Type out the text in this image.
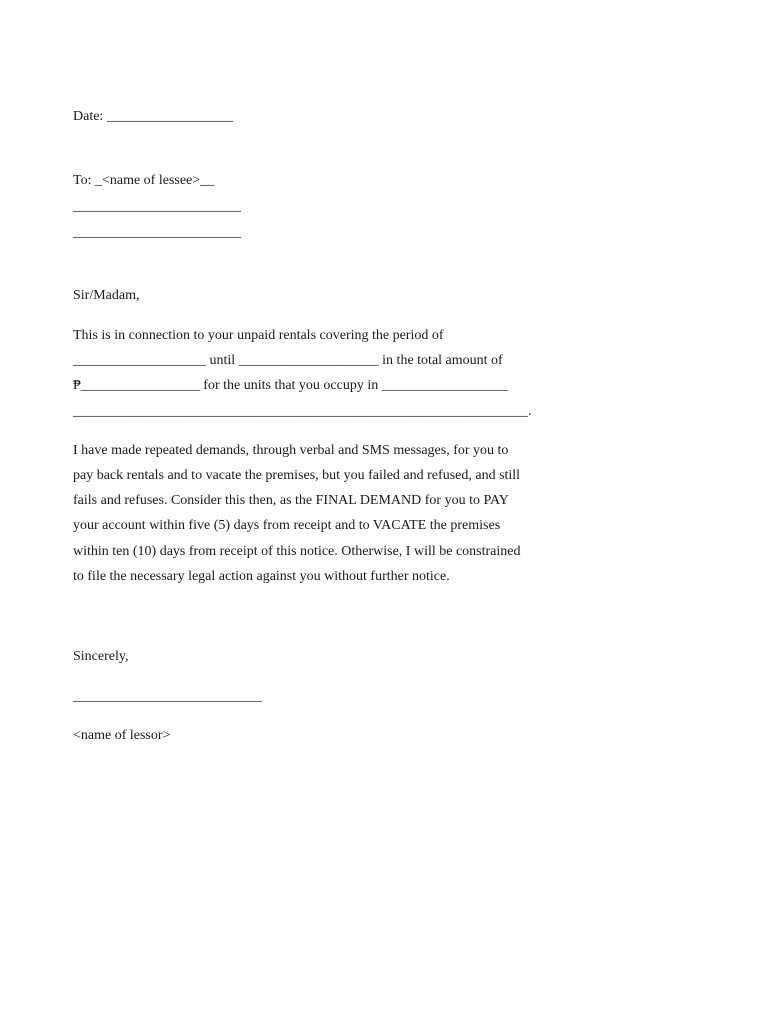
Date: __________________
To: _<name of lessee>__
________________________
________________________
Sir/Madam,
This is in connection to your unpaid rentals covering the period of
___________________ until ____________________ in the total amount of
₱_________________ for the units that you occupy in __________________
_________________________________________________________________.
I have made repeated demands, through verbal and SMS messages, for you to
pay back rentals and to vacate the premises, but you failed and refused, and still
fails and refuses. Consider this then, as the FINAL DEMAND for you to PAY
your account within five (5) days from receipt and to VACATE the premises
within ten (10) days from receipt of this notice. Otherwise, I will be constrained
to file the necessary legal action against you without further notice.
Sincerely,
___________________________
<name of lessor>
